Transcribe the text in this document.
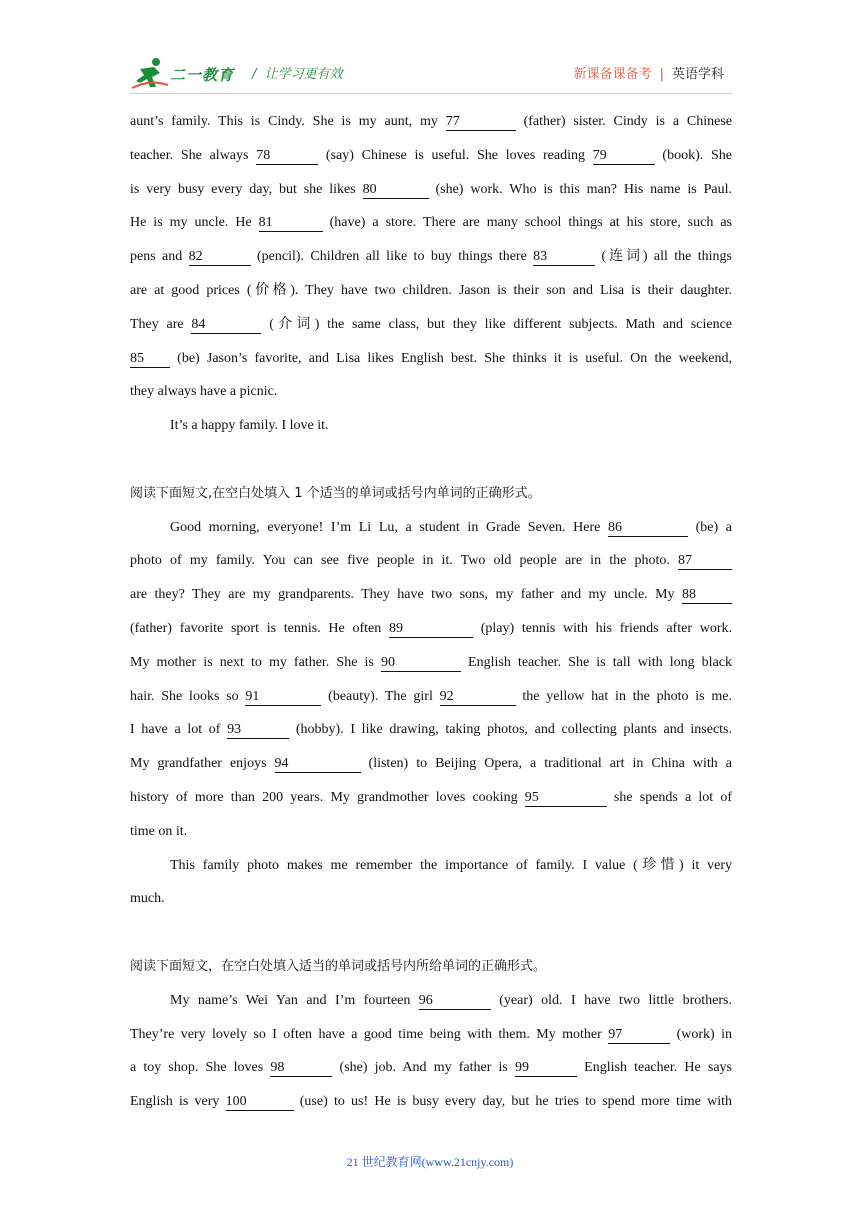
二一教育 /  让学习更有效	新课备课备考 | 英语学科
aunt’s family. This is Cindy. She is my aunt, my 77	(father) sister. Cindy is a Chinese
teacher. She always 78	(say) Chinese is useful. She loves reading 79	(book). She
is very busy every day, but she likes 80	(she) work. Who is this man? His name is Paul.
He is my uncle. He 81	(have) a store. There are many school things at his store, such as
pens and 82	(pencil). Children all like to buy things there 83	(连词) all the things
are at good prices (价格). They have two children. Jason is their son and Lisa is their daughter.
They are 84	(介词) the same class, but they like different subjects. Math and science
85 (be) Jason’s favorite, and Lisa likes English best. She thinks it is useful. On the weekend,
they always have a picnic.
It’s a happy family. I love it.
阅读下面短文,在空白处填入 1 个适当的单词或括号内单词的正确形式。
Good morning, everyone! I’m Li Lu, a student in Grade Seven. Here 86	(be) a
photo of my family. You can see five people in it. Two old people are in the photo. 87
are they? They are my grandparents. They have two sons, my father and my uncle. My 88
(father) favorite sport is tennis. He often 89	(play) tennis with his friends after work.
My mother is next to my father. She is 90	English teacher. She is tall with long black
hair. She looks so 91	(beauty). The girl 92	the yellow hat in the photo is me.
I have a lot of 93	(hobby). I like drawing, taking photos, and collecting plants and insects.
My grandfather enjoys 94	(listen) to Beijing Opera, a traditional art in China with a
history of more than 200 years. My grandmother loves cooking 95	she spends a lot of
time on it.
This family photo makes me remember the importance of family. I value (珍惜) it very
much.
阅读下面短文，在空白处填入适当的单词或括号内所给单词的正确形式。
My name’s Wei Yan and I’m fourteen 96	(year) old. I have two little brothers.
They’re very lovely so I often have a good time being with them. My mother 97	(work) in
a toy shop. She loves 98	(she) job. And my father is 99	English teacher. He says
English is very 100	(use) to us! He is busy every day, but he tries to spend more time with
21 世纪教育网(www.21cnjy.com)
